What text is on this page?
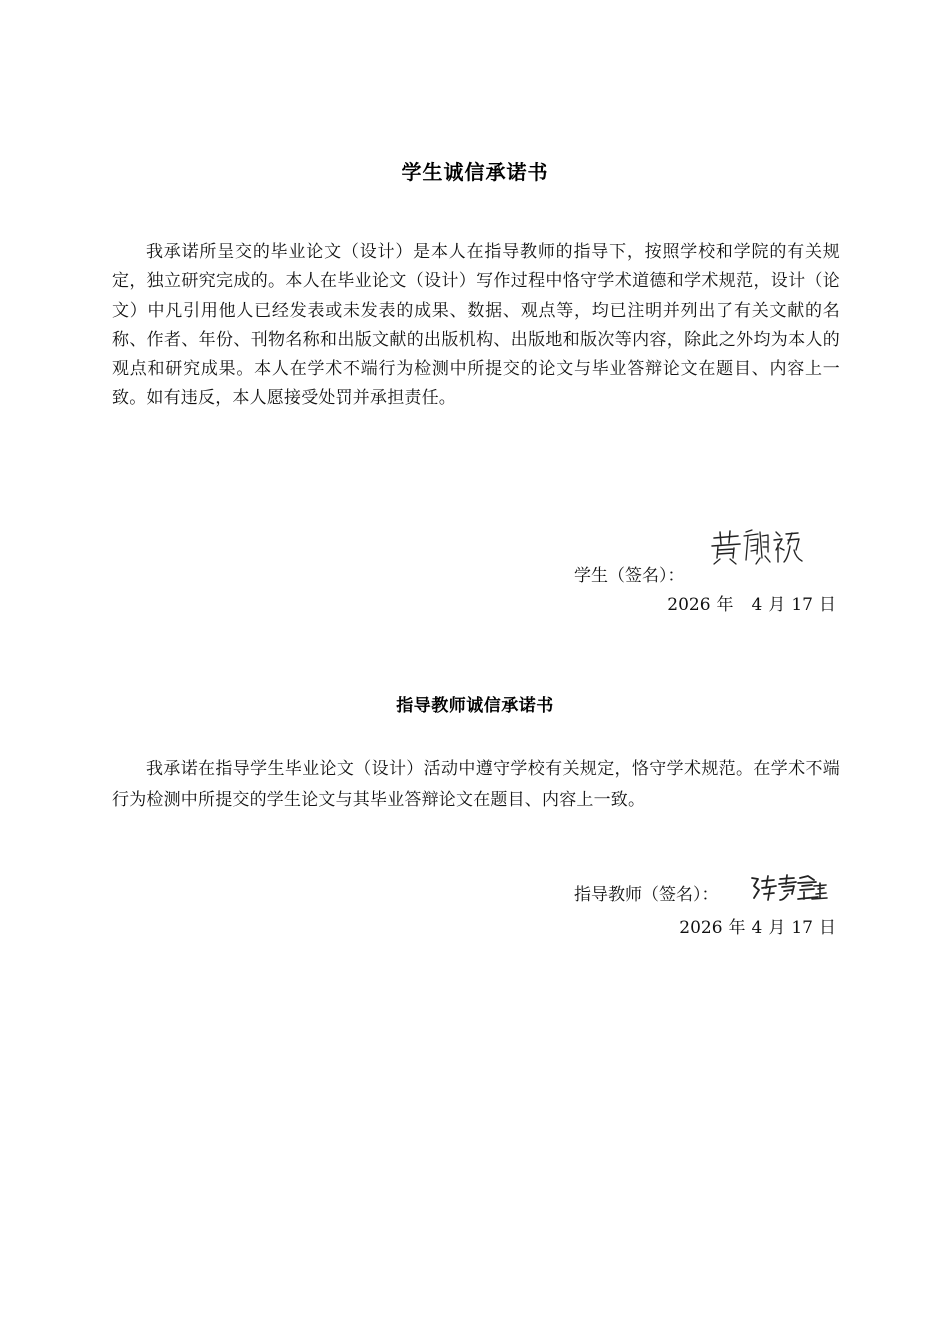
学生诚信承诺书

我承诺所呈交的毕业论文（设计）是本人在指导教师的指导下，按照学校和学院的有关规定，独立研究完成的。本人在毕业论文（设计）写作过程中恪守学术道德和学术规范，设计（论文）中凡引用他人已经发表或未发表的成果、数据、观点等，均已注明并列出了有关文献的名称、作者、年份、刊物名称和出版文献的出版机构、出版地和版次等内容，除此之外均为本人的观点和研究成果。本人在学术不端行为检测中所提交的论文与毕业答辩论文在题目、内容上一致。如有违反，本人愿接受处罚并承担责任。

学生（签名）：
2026 年 4 月 17 日
指导教师诚信承诺书

我承诺在指导学生毕业论文（设计）活动中遵守学校有关规定，恪守学术规范。在学术不端行为检测中所提交的学生论文与其毕业答辩论文在题目、内容上一致。

指导教师（签名）：
2026 年 4 月 17 日
